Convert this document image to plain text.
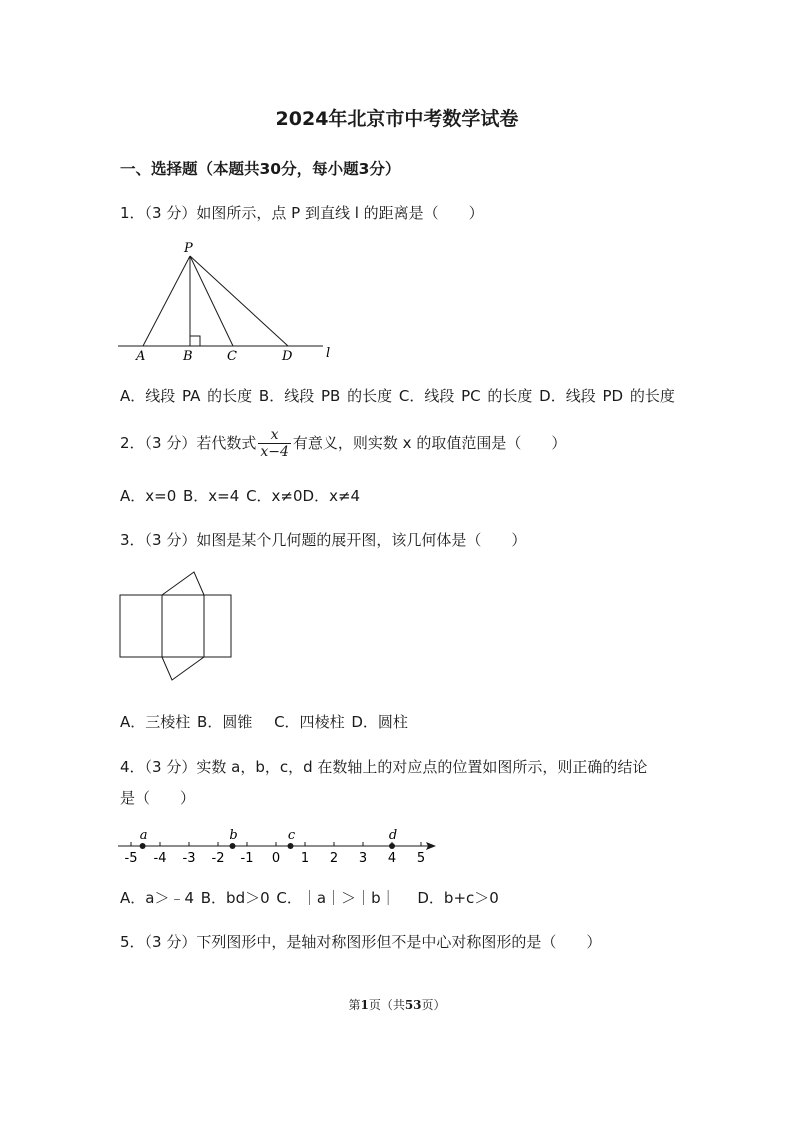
2024年北京市中考数学试卷
一、选择题（本题共30分，每小题3分）
1．（3 分）如图所示，点 P 到直线 l 的距离是（　　）
P
A	B	C	D	l
A．线段 PA 的长度 B．线段 PB 的长度 C．线段 PC 的长度 D．线段 PD 的长度
2．（3 分）若代数式 $\frac{x}{x-4}$ 有意义，则实数 x 的取值范围是（　　）
A．x=0 B．x=4 C．x≠0D．x≠4
3．（3 分）如图是某个几何题的展开图，该几何体是（　　）
A．三棱柱 B．圆锥　 C．四棱柱 D．圆柱
4．（3 分）实数 a，b，c，d 在数轴上的对应点的位置如图所示，则正确的结论
是（　　）
-5 -4 -3 -2 -1 0 1 2 3 4 5
a	b	c	d
A．a＞﹣4 B．bd＞0 C．｜a｜＞｜b｜　 D．b+c＞0
5．（3 分）下列图形中，是轴对称图形但不是中心对称图形的是（　　）
第1页（共53页）
